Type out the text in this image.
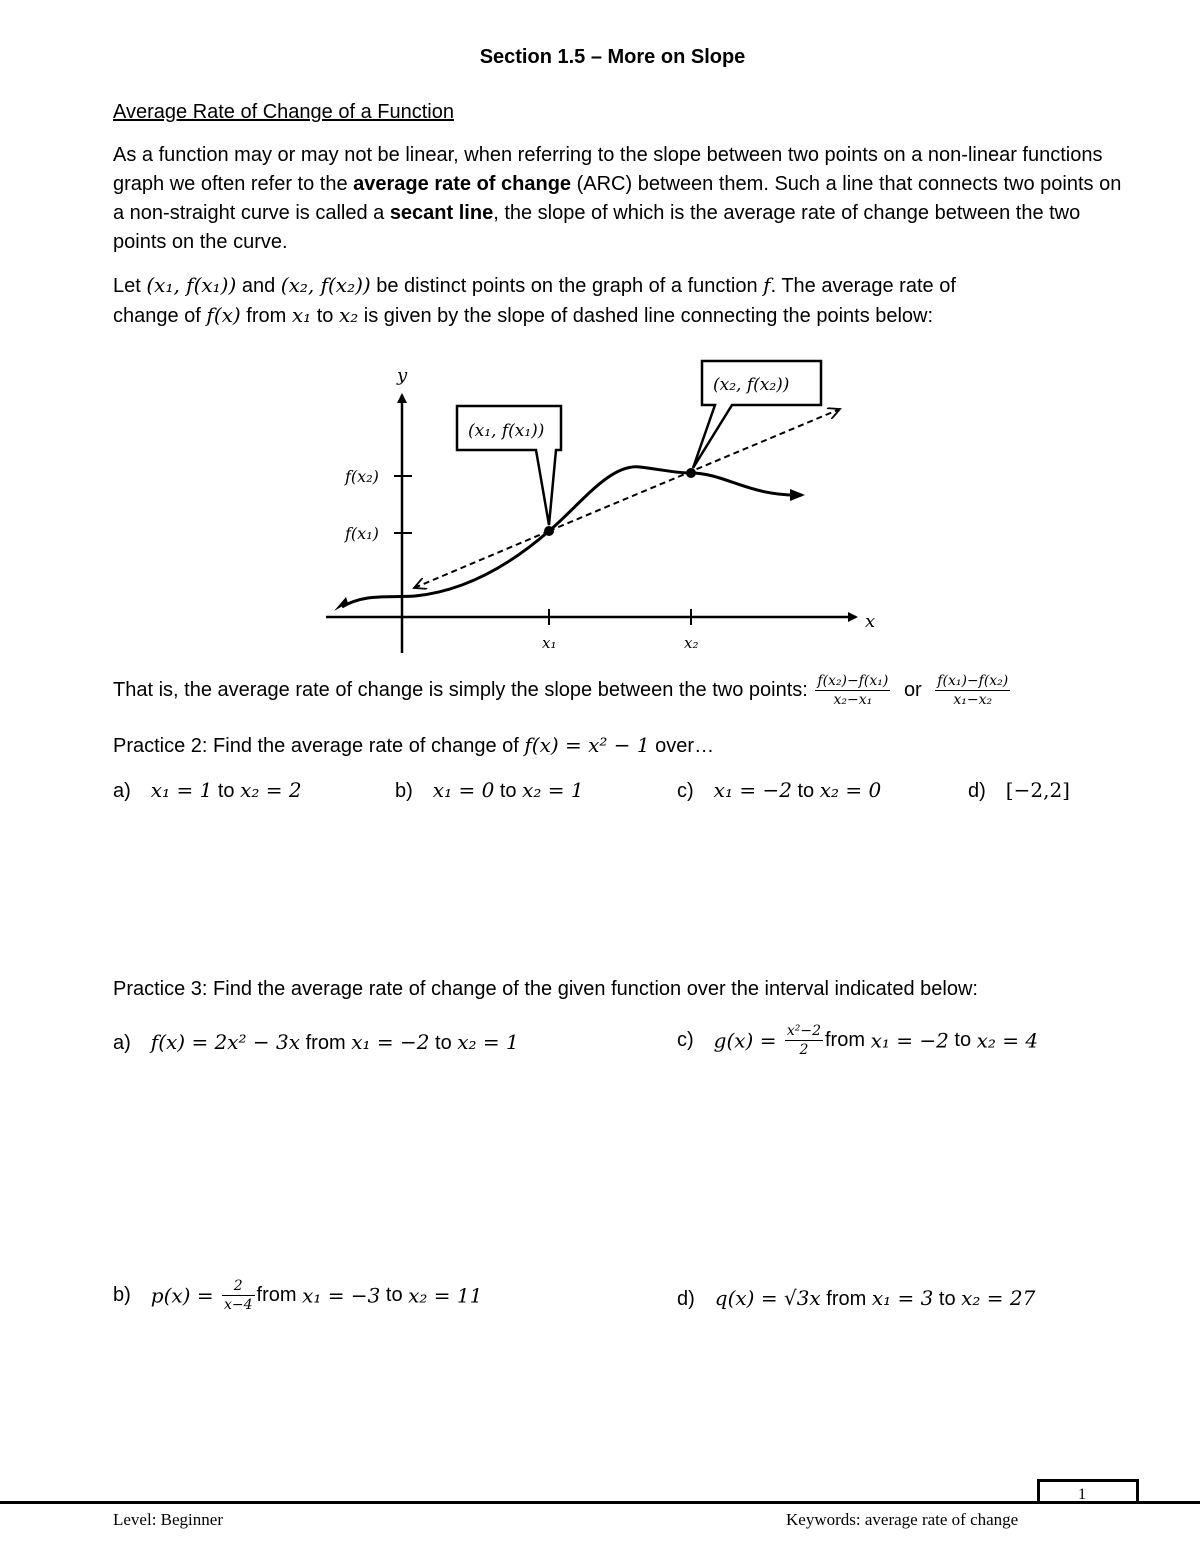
Section 1.5 – More on Slope
Average Rate of Change of a Function
As a function may or may not be linear, when referring to the slope between two points on a non-linear functions graph we often refer to the average rate of change (ARC) between them. Such a line that connects two points on a non-straight curve is called a secant line, the slope of which is the average rate of change between the two points on the curve.
Let (x₁, f(x₁)) and (x₂, f(x₂)) be distinct points on the graph of a function f. The average rate of
change of f(x) from x₁ to x₂ is given by the slope of dashed line connecting the points below:
x
y
x₁	x₂
f(x₂)
f(x₁)
(x₁, f(x₁))
(x₂, f(x₂))
That is, the average rate of change is simply the slope between the two points: $\frac{\text{f(x₂)−f(x₁)}}{\text{x₂−x₁}}$ or $\frac{\text{f(x₁)−f(x₂)}}{\text{x₁−x₂}}$
Practice 2: Find the average rate of change of f(x) = x² − 1 over…
a) x₁ = 1 to x₂ = 2	b) x₁ = 0 to x₂ = 1	c) x₁ = −2 to x₂ = 0	d) [−2,2]
Practice 3: Find the average rate of change of the given function over the interval indicated below:
a) f(x) = 2x² − 3x from x₁ = −2 to x₂ = 1	c) $g(x) = \frac{\text{x²−2}}{2}$ from x₁ = −2 to x₂ = 4
b) $p(x) = \frac{2}{x-4}$ from x₁ = −3 to x₂ = 11	d) q(x) = √3x from x₁ = 3 to x₂ = 27
1
Level: Beginner	Keywords: average rate of change
